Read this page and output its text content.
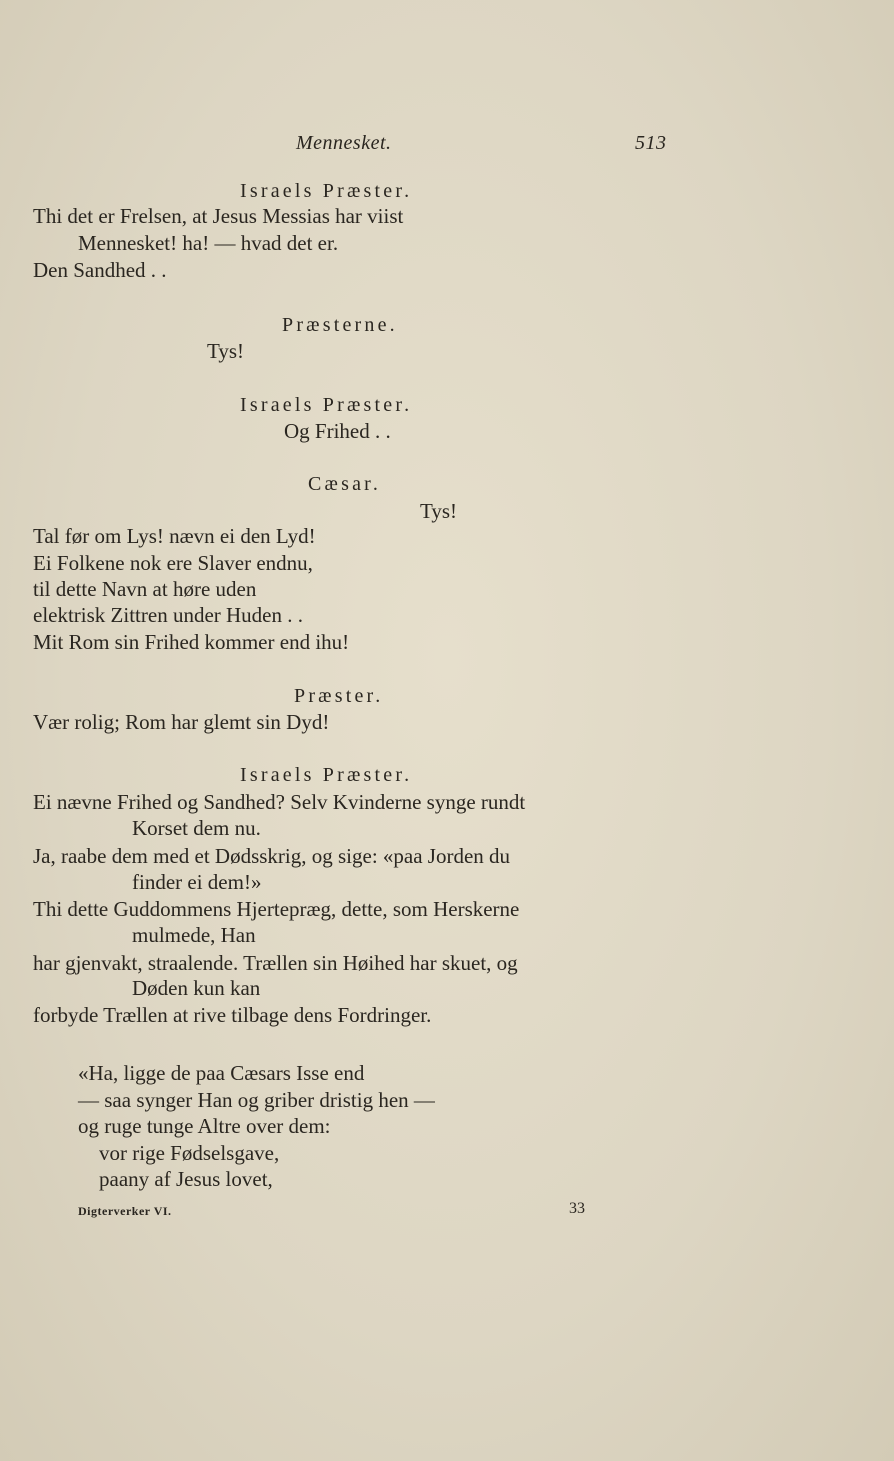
Mennesket.	513
Israels Præster.
Thi det er Frelsen, at Jesus Messias har viist
Mennesket! ha! — hvad det er.
Den Sandhed . .
Præsterne.
Tys!
Israels Præster.
Og Frihed . .
Cæsar.
Tys!
Tal før om Lys! nævn ei den Lyd!
Ei Folkene nok ere Slaver endnu,
til dette Navn at høre uden
elektrisk Zittren under Huden . .
Mit Rom sin Frihed kommer end ihu!
Præster.
Vær rolig; Rom har glemt sin Dyd!
Israels Præster.
Ei nævne Frihed og Sandhed? Selv Kvinderne synge rundt
Korset dem nu.
Ja, raabe dem med et Dødsskrig, og sige: «paa Jorden du
finder ei dem!»
Thi dette Guddommens Hjertepræg, dette, som Herskerne
mulmede, Han
har gjenvakt, straalende. Trællen sin Høihed har skuet, og
Døden kun kan
forbyde Trællen at rive tilbage dens Fordringer.
«Ha, ligge de paa Cæsars Isse end
— saa synger Han og griber dristig hen —
og ruge tunge Altre over dem:
vor rige Fødselsgave,
paany af Jesus lovet,
Digterverker VI.	33
